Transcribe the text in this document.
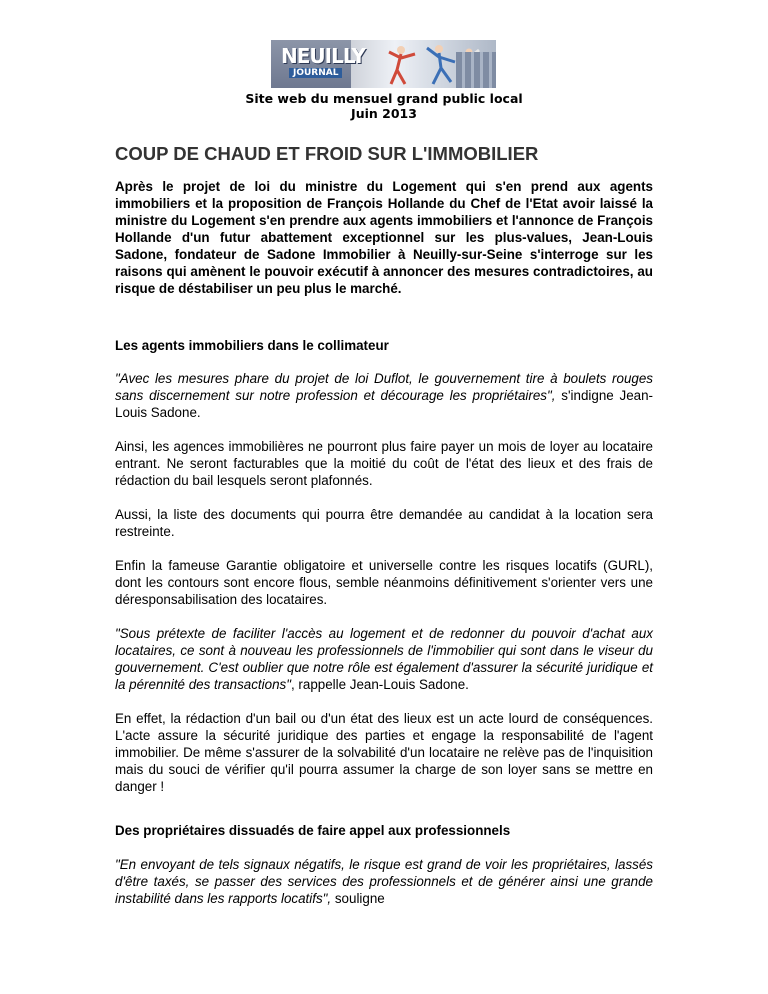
NEUILLY
JOURNAL
Site web du mensuel grand public local
Juin 2013
COUP DE CHAUD ET FROID SUR L'IMMOBILIER
Après le projet de loi du ministre du Logement qui s'en prend aux agents immobiliers et la proposition de François Hollande du Chef de l'Etat avoir laissé la ministre du Logement s'en prendre aux agents immobiliers et l'annonce de François Hollande d'un futur abattement exceptionnel sur les plus-values, Jean-Louis Sadone, fondateur de Sadone Immobilier à Neuilly-sur-Seine s'interroge sur les raisons qui amènent le pouvoir exécutif à annoncer des mesures contradictoires, au risque de déstabiliser un peu plus le marché.
Les agents immobiliers dans le collimateur
"Avec les mesures phare du projet de loi Duflot, le gouvernement tire à boulets rouges sans discernement sur notre profession et décourage les propriétaires", s'indigne Jean-Louis Sadone.
Ainsi, les agences immobilières ne pourront plus faire payer un mois de loyer au locataire entrant. Ne seront facturables que la moitié du coût de l'état des lieux et des frais de rédaction du bail lesquels seront plafonnés.
Aussi, la liste des documents qui pourra être demandée au candidat à la location sera restreinte.
Enfin la fameuse Garantie obligatoire et universelle contre les risques locatifs (GURL), dont les contours sont encore flous, semble néanmoins définitivement s'orienter vers une déresponsabilisation des locataires.
"Sous prétexte de faciliter l'accès au logement et de redonner du pouvoir d'achat aux locataires, ce sont à nouveau les professionnels de l'immobilier qui sont dans le viseur du gouvernement. C'est oublier que notre rôle est également d'assurer la sécurité juridique et la pérennité des transactions", rappelle Jean-Louis Sadone.
En effet, la rédaction d'un bail ou d'un état des lieux est un acte lourd de conséquences. L'acte assure la sécurité juridique des parties et engage la responsabilité de l'agent immobilier. De même s'assurer de la solvabilité d'un locataire ne relève pas de l'inquisition mais du souci de vérifier qu'il pourra assumer la charge de son loyer sans se mettre en danger !
Des propriétaires dissuadés de faire appel aux professionnels
"En envoyant de tels signaux négatifs, le risque est grand de voir les propriétaires, lassés d'être taxés, se passer des services des professionnels et de générer ainsi une grande instabilité dans les rapports locatifs", souligne
